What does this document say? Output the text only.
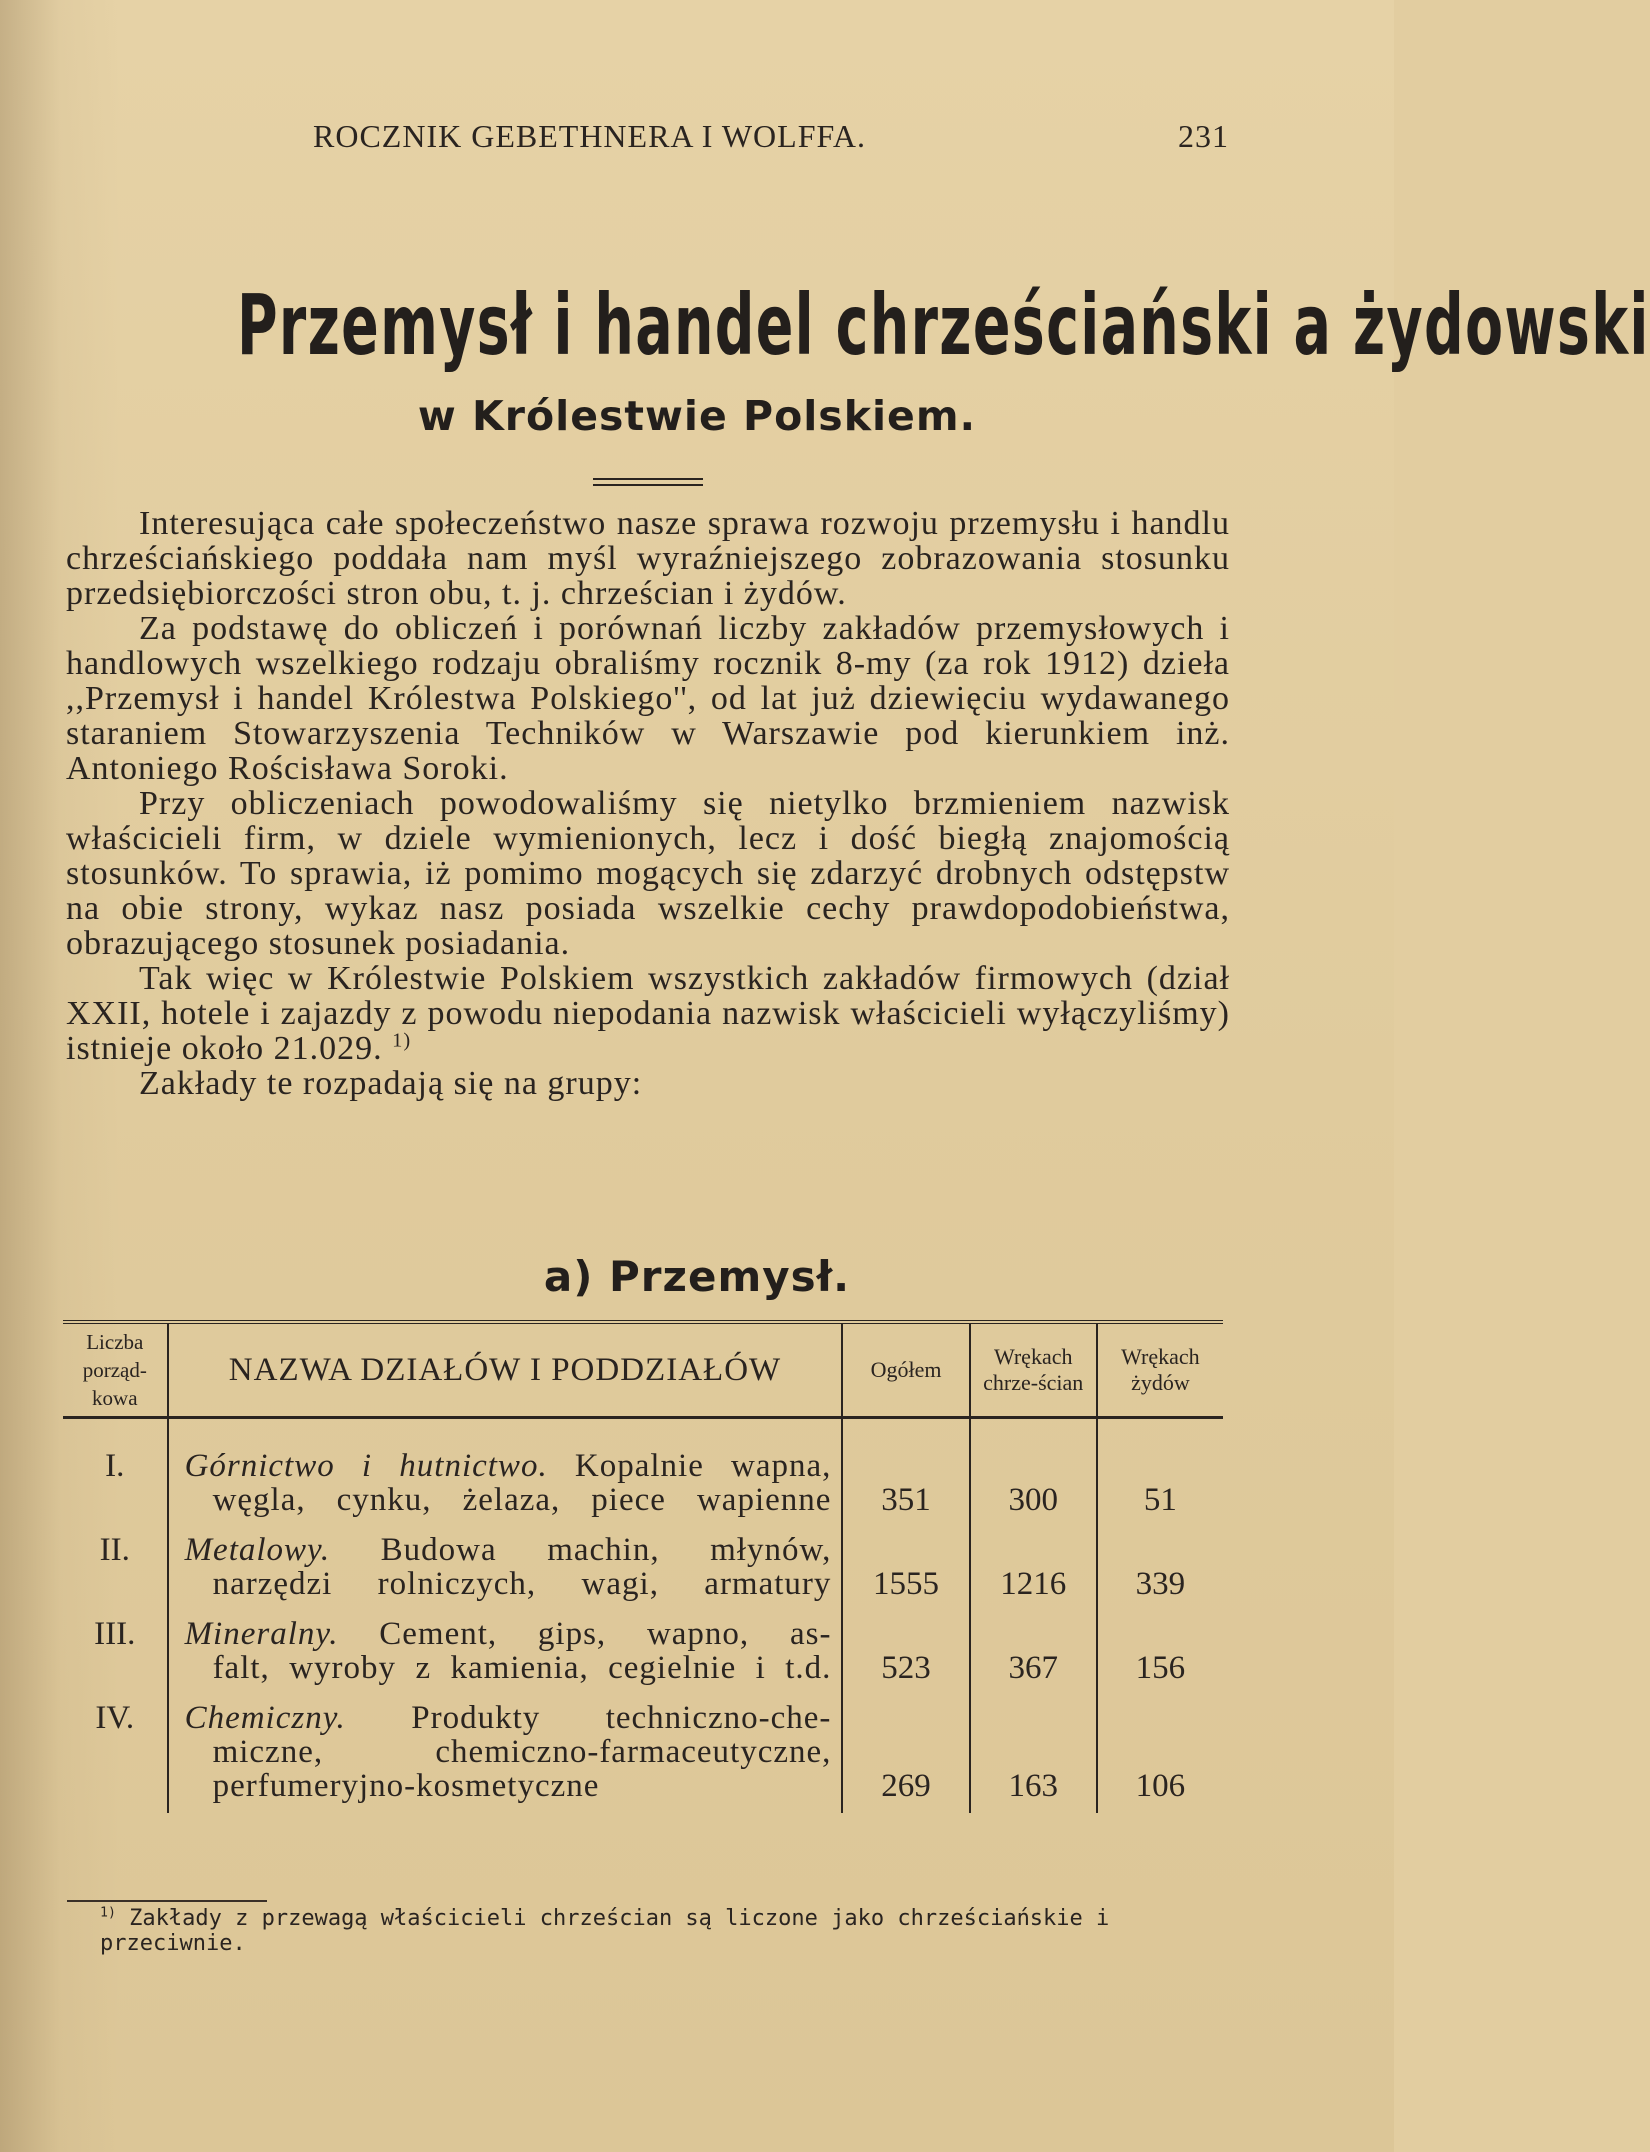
ROCZNIK GEBETHNERA I WOLFFA.	231
Przemysł i handel chrześciański a żydowski
w Królestwie Polskiem.

Interesująca całe społeczeństwo nasze sprawa rozwoju przemysłu i handlu chrześciańskiego poddała nam myśl wyraźniejszego zobrazowania stosunku przedsiębiorczości stron obu, t. j. chrześcian i żydów.

Za podstawę do obliczeń i porównań liczby zakładów przemysłowych i handlowych wszelkiego rodzaju obraliśmy rocznik 8-my (za rok 1912) dzieła ,,Przemysł i handel Królestwa Polskiego'', od lat już dziewięciu wydawanego staraniem Stowarzyszenia Techników w Warszawie pod kierunkiem inż. Antoniego Rościsława Soroki.

Przy obliczeniach powodowaliśmy się nietylko brzmieniem nazwisk właścicieli firm, w dziele wymienionych, lecz i dość biegłą znajomością stosunków. To sprawia, iż pomimo mogących się zdarzyć drobnych odstępstw na obie strony, wykaz nasz posiada wszelkie cechy prawdopodobieństwa, obrazującego stosunek posiadania.

Tak więc w Królestwie Polskiem wszystkich zakładów firmowych (dział XXII, hotele i zajazdy z powodu niepodania nazwisk właścicieli wyłączyliśmy) istnieje około 21.029. $^{1)}$

Zakłady te rozpadają się na grupy:

a) Przemysł.
Liczba porząd-kowa	NAZWA DZIAŁÓW I PODDZIAŁÓW	Ogółem	Wrękach chrze-ścian	Wrękach żydów

I.	Górnictwo i hutnictwo. Kopalnie wapna,
węgla, cynku, żelaza, piece wapienne	351	300	51
II.	Metalowy. Budowa machin, młynów,
narzędzi rolniczych, wagi, armatury	1555	1216	339
III.	Mineralny. Cement, gips, wapno, as-
falt, wyroby z kamienia, cegielnie i t.d.	523	367	156
IV.	Chemiczny. Produkty techniczno-che-
miczne, chemiczno-farmaceutyczne,
perfumeryjno-kosmetyczne	269	163	106
$^{1)}$ Zakłady z przewagą właścicieli chrześcian są liczone jako chrześciańskie i przeciwnie.
